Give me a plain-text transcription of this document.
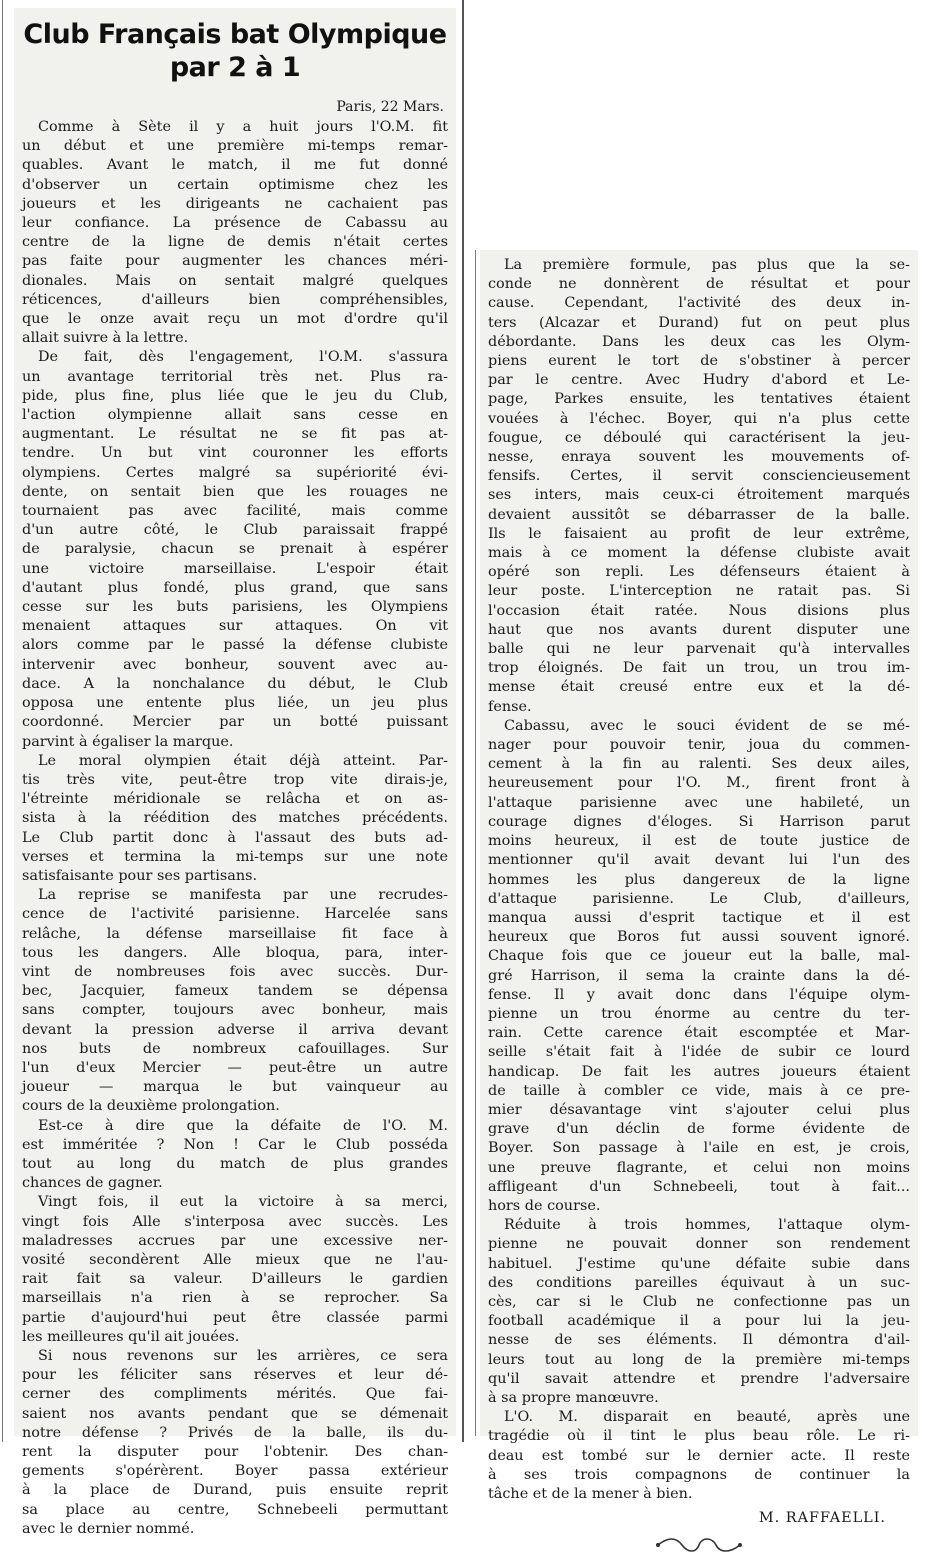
Club Français bat Olympique
par 2 à 1
Paris, 22 Mars.

Comme à Sète il y a huit jours l'O.M. fit
un début et une première mi-temps remar-
quables. Avant le match, il me fut donné
d'observer un certain optimisme chez les
joueurs et les dirigeants ne cachaient pas
leur confiance. La présence de Cabassu au
centre de la ligne de demis n'était certes
pas faite pour augmenter les chances méri-
dionales. Mais on sentait malgré quelques
réticences, d'ailleurs bien compréhensibles,
que le onze avait reçu un mot d'ordre qu'il
allait suivre à la lettre.

De fait, dès l'engagement, l'O.M. s'assura
un avantage territorial très net. Plus ra-
pide, plus fine, plus liée que le jeu du Club,
l'action olympienne allait sans cesse en
augmentant. Le résultat ne se fit pas at-
tendre. Un but vint couronner les efforts
olympiens. Certes malgré sa supériorité évi-
dente, on sentait bien que les rouages ne
tournaient pas avec facilité, mais comme
d'un autre côté, le Club paraissait frappé
de paralysie, chacun se prenait à espérer
une victoire marseillaise. L'espoir était
d'autant plus fondé, plus grand, que sans
cesse sur les buts parisiens, les Olympiens
menaient attaques sur attaques. On vit
alors comme par le passé la défense clubiste
intervenir avec bonheur, souvent avec au-
dace. A la nonchalance du début, le Club
opposa une entente plus liée, un jeu plus
coordonné. Mercier par un botté puissant
parvint à égaliser la marque.

Le moral olympien était déjà atteint. Par-
tis très vite, peut-être trop vite dirais-je,
l'étreinte méridionale se relâcha et on as-
sista à la réédition des matches précédents.
Le Club partit donc à l'assaut des buts ad-
verses et termina la mi-temps sur une note
satisfaisante pour ses partisans.

La reprise se manifesta par une recrudes-
cence de l'activité parisienne. Harcelée sans
relâche, la défense marseillaise fit face à
tous les dangers. Alle bloqua, para, inter-
vint de nombreuses fois avec succès. Dur-
bec, Jacquier, fameux tandem se dépensa
sans compter, toujours avec bonheur, mais
devant la pression adverse il arriva devant
nos buts de nombreux cafouillages. Sur
l'un d'eux Mercier — peut-être un autre
joueur — marqua le but vainqueur au
cours de la deuxième prolongation.

Est-ce à dire que la défaite de l'O. M.
est imméritée ? Non ! Car le Club posséda
tout au long du match de plus grandes
chances de gagner.

Vingt fois, il eut la victoire à sa merci,
vingt fois Alle s'interposa avec succès. Les
maladresses accrues par une excessive ner-
vosité secondèrent Alle mieux que ne l'au-
rait fait sa valeur. D'ailleurs le gardien
marseillais n'a rien à se reprocher. Sa
partie d'aujourd'hui peut être classée parmi
les meilleures qu'il ait jouées.

Si nous revenons sur les arrières, ce sera
pour les féliciter sans réserves et leur dé-
cerner des compliments mérités. Que fai-
saient nos avants pendant que se démenait
notre défense ? Privés de la balle, ils du-
rent la disputer pour l'obtenir. Des chan-
gements s'opérèrent. Boyer passa extérieur
à la place de Durand, puis ensuite reprit
sa place au centre, Schnebeeli permuttant
avec le dernier nommé.

La première formule, pas plus que la se-
conde ne donnèrent de résultat et pour
cause. Cependant, l'activité des deux in-
ters (Alcazar et Durand) fut on peut plus
débordante. Dans les deux cas les Olym-
piens eurent le tort de s'obstiner à percer
par le centre. Avec Hudry d'abord et Le-
page, Parkes ensuite, les tentatives étaient
vouées à l'échec. Boyer, qui n'a plus cette
fougue, ce déboulé qui caractérisent la jeu-
nesse, enraya souvent les mouvements of-
fensifs. Certes, il servit consciencieusement
ses inters, mais ceux-ci étroitement marqués
devaient aussitôt se débarrasser de la balle.
Ils le faisaient au profit de leur extrême,
mais à ce moment la défense clubiste avait
opéré son repli. Les défenseurs étaient à
leur poste. L'interception ne ratait pas. Si
l'occasion était ratée. Nous disions plus
haut que nos avants durent disputer une
balle qui ne leur parvenait qu'à intervalles
trop éloignés. De fait un trou, un trou im-
mense était creusé entre eux et la dé-
fense.

Cabassu, avec le souci évident de se mé-
nager pour pouvoir tenir, joua du commen-
cement à la fin au ralenti. Ses deux ailes,
heureusement pour l'O. M., firent front à
l'attaque parisienne avec une habileté, un
courage dignes d'éloges. Si Harrison parut
moins heureux, il est de toute justice de
mentionner qu'il avait devant lui l'un des
hommes les plus dangereux de la ligne
d'attaque parisienne. Le Club, d'ailleurs,
manqua aussi d'esprit tactique et il est
heureux que Boros fut aussi souvent ignoré.
Chaque fois que ce joueur eut la balle, mal-
gré Harrison, il sema la crainte dans la dé-
fense. Il y avait donc dans l'équipe olym-
pienne un trou énorme au centre du ter-
rain. Cette carence était escomptée et Mar-
seille s'était fait à l'idée de subir ce lourd
handicap. De fait les autres joueurs étaient
de taille à combler ce vide, mais à ce pre-
mier désavantage vint s'ajouter celui plus
grave d'un déclin de forme évidente de
Boyer. Son passage à l'aile en est, je crois,
une preuve flagrante, et celui non moins
affligeant d'un Schnebeeli, tout à fait...
hors de course.

Réduite à trois hommes, l'attaque olym-
pienne ne pouvait donner son rendement
habituel. J'estime qu'une défaite subie dans
des conditions pareilles équivaut à un suc-
cès, car si le Club ne confectionne pas un
football académique il a pour lui la jeu-
nesse de ses éléments. Il démontra d'ail-
leurs tout au long de la première mi-temps
qu'il savait attendre et prendre l'adversaire
à sa propre manœuvre.

L'O. M. disparait en beauté, après une
tragédie où il tint le plus beau rôle. Le ri-
deau est tombé sur le dernier acte. Il reste
à ses trois compagnons de continuer la
tâche et de la mener à bien.

M. RAFFAELLI.
